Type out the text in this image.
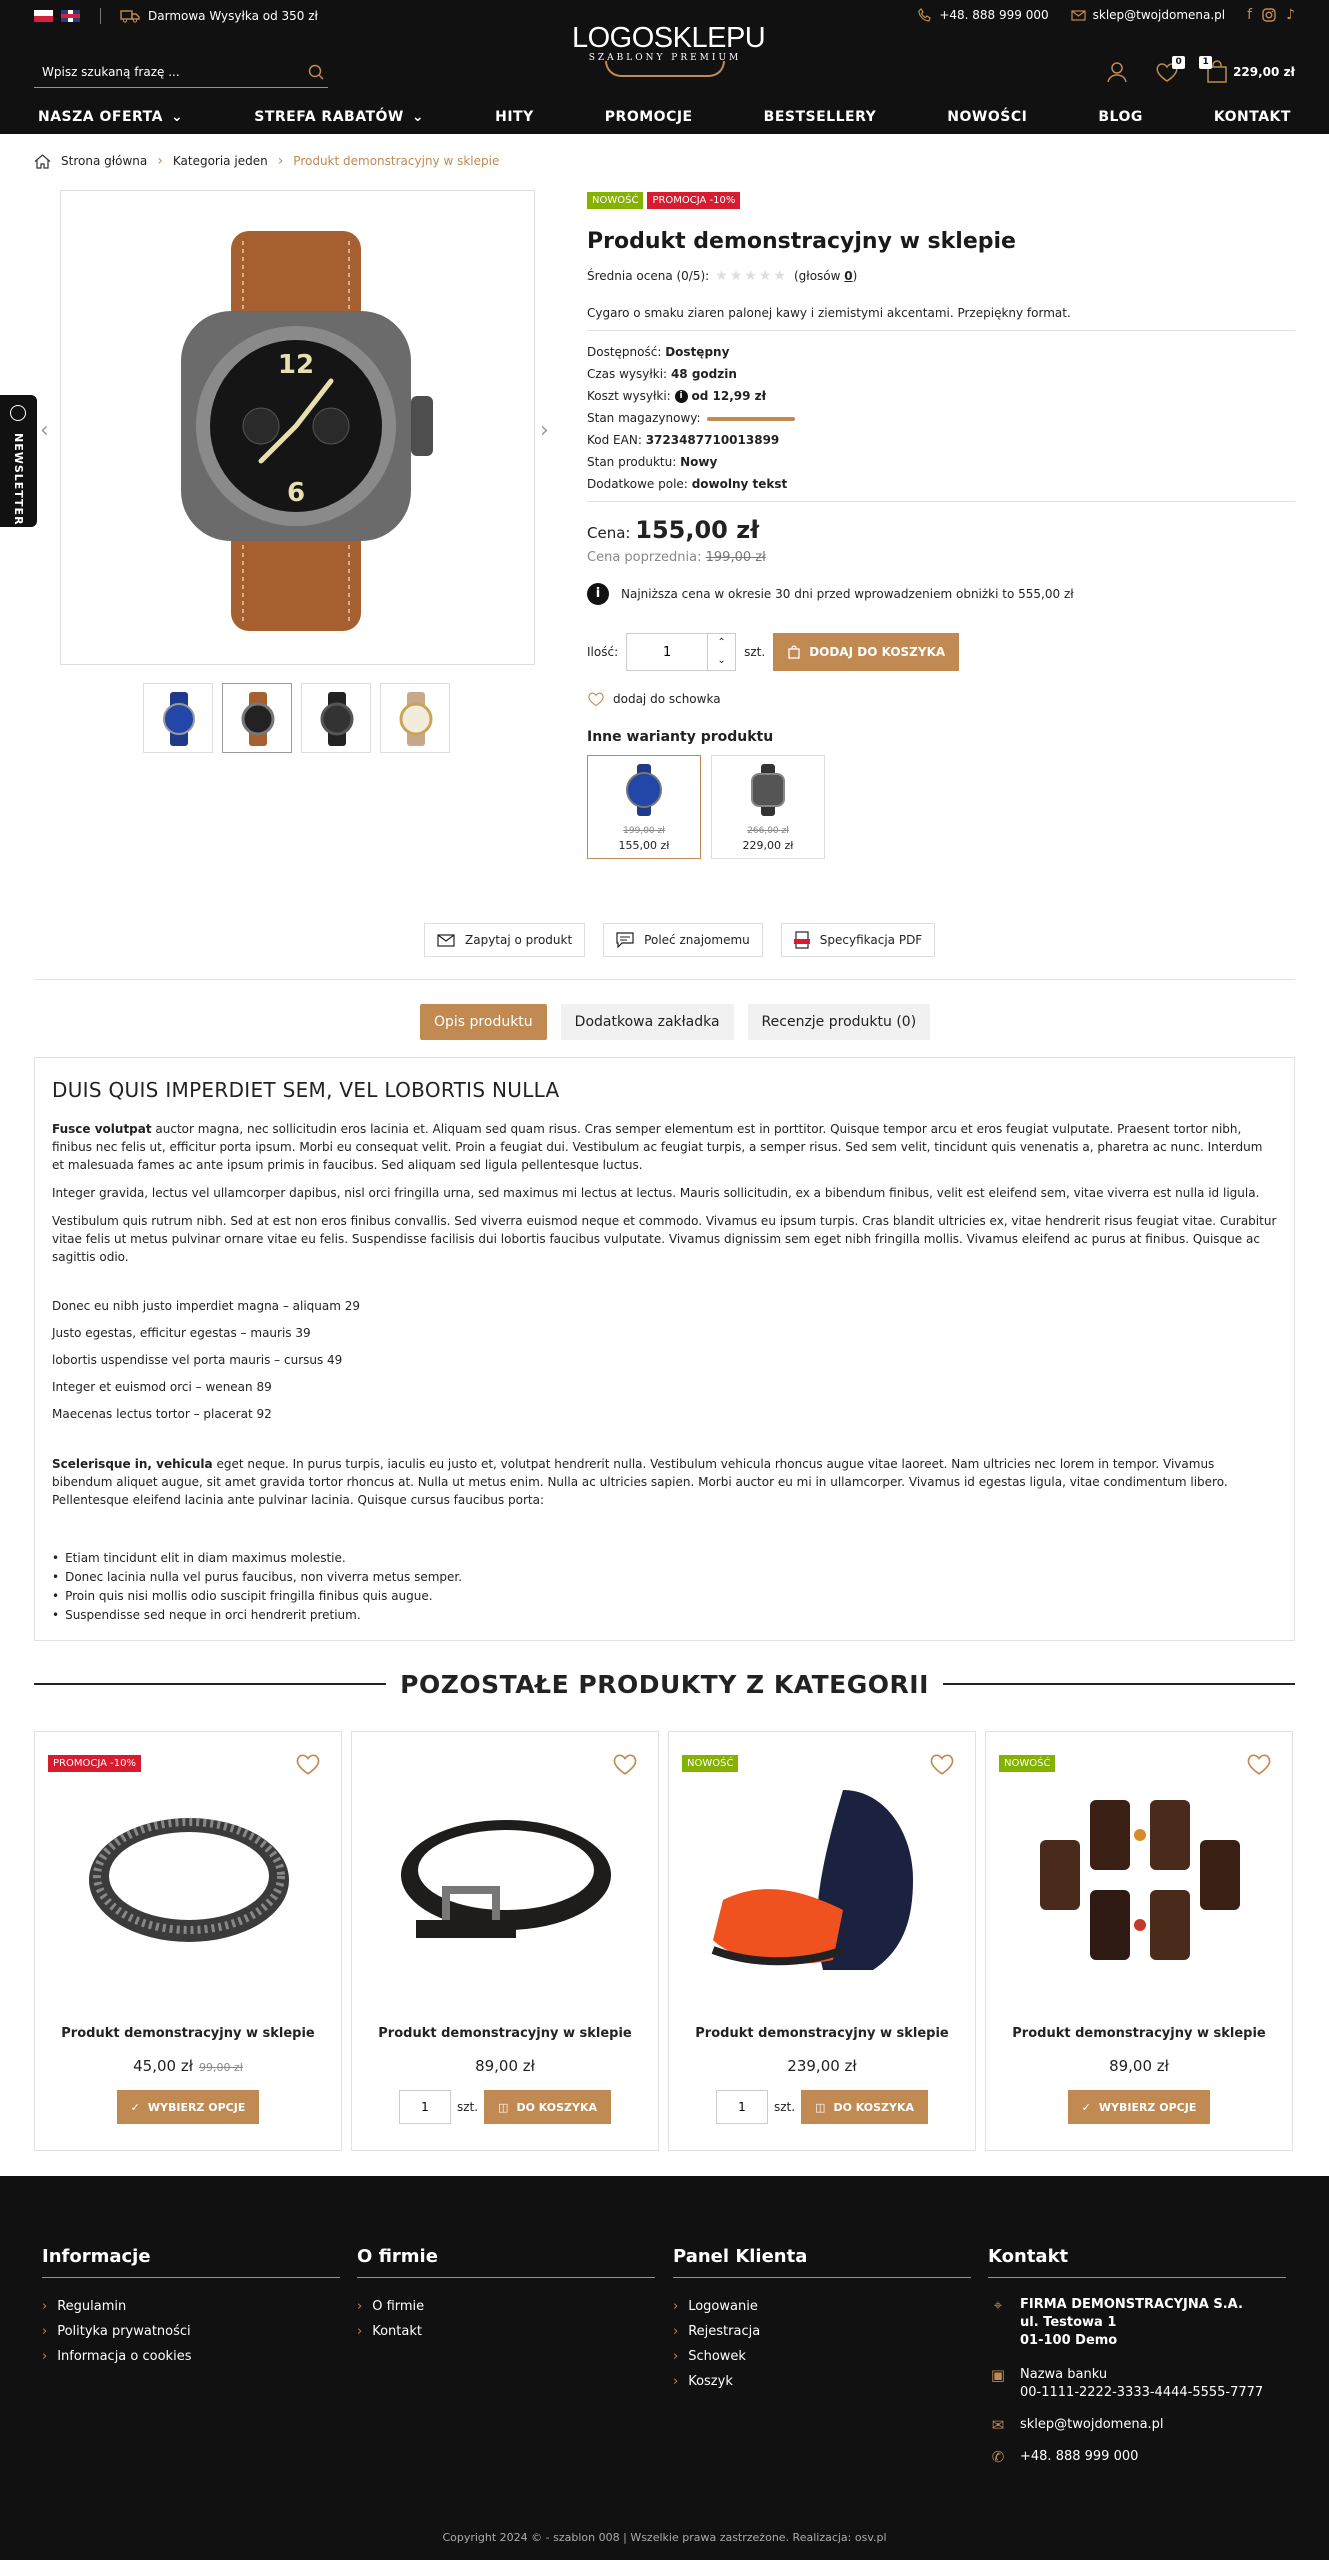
Darmowa Wysyłka od 350 zł	+48. 888 999 000	sklep@twojdomena.pl f ♪
LOGOSKLEPU
SZABLONY PREMIUM
Wpisz szukaną frazę ...	0	1
229,00 zł
NASZA OFERTA ⌄	STREFA RABATÓW ⌄	HITY	PROMOCJE	BESTSELLERY	NOWOŚCI	BLOG	KONTAKT
NEWSLETTER
Strona główna › Kategoria jeden › Produkt demonstracyjny w sklepie
‹
12
6
›
NOWOŚĆ	PROMOCJA -10%
Produkt demonstracyjny w sklepie
Średnia ocena (0/5): ★★★★★ (głosów 0)

Cygaro o smaku ziaren palonej kawy i ziemistymi akcentami. Przepiękny format.

Dostępność: Dostępny
Czas wysyłki: 48 godzin
Koszt wysyłki: i od 12,99 zł
Stan magazynowy:
Kod EAN: 3723487710013899
Stan produktu: Nowy
Dodatkowe pole: dowolny tekst
Cena: 155,00 zł
Cena poprzednia: 199,00 zł
i	Najniższa cena w okresie 30 dni przed wprowadzeniem obniżki to 555,00 zł
Ilość:
1
⌃
⌄
szt.	DODAJ DO KOSZYKA
dodaj do schowka
Inne warianty produktu
199,00 zł
155,00 zł
266,00 zł
229,00 zł
Zapytaj o produkt	Poleć znajomemu	Specyfikacja PDF
Opis produktu	Dodatkowa zakładka	Recenzje produktu (0)
DUIS QUIS IMPERDIET SEM, VEL LOBORTIS NULLA

Fusce volutpat auctor magna, nec sollicitudin eros lacinia et. Aliquam sed quam risus. Cras semper elementum est in porttitor. Quisque tempor arcu et eros feugiat vulputate. Praesent tortor nibh, finibus nec felis ut, efficitur porta ipsum. Morbi eu consequat velit. Proin a feugiat dui. Vestibulum ac feugiat turpis, a semper risus. Sed sem velit, tincidunt quis venenatis a, pharetra ac nunc. Interdum et malesuada fames ac ante ipsum primis in faucibus. Sed aliquam sed ligula pellentesque luctus.

Integer gravida, lectus vel ullamcorper dapibus, nisl orci fringilla urna, sed maximus mi lectus at lectus. Mauris sollicitudin, ex a bibendum finibus, velit est eleifend sem, vitae viverra est nulla id ligula.

Vestibulum quis rutrum nibh. Sed at est non eros finibus convallis. Sed viverra euismod neque et commodo. Vivamus eu ipsum turpis. Cras blandit ultricies ex, vitae hendrerit risus feugiat vitae. Curabitur vitae felis ut metus pulvinar ornare vitae eu felis. Suspendisse facilisis dui lobortis faucibus vulputate. Vivamus dignissim sem eget nibh fringilla mollis. Vivamus eleifend ac purus at finibus. Quisque ac sagittis odio.

Donec eu nibh justo imperdiet magna – aliquam 29
Justo egestas, efficitur egestas – mauris 39
lobortis uspendisse vel porta mauris – cursus 49
Integer et euismod orci – wenean 89
Maecenas lectus tortor – placerat 92

Scelerisque in, vehicula eget neque. In purus turpis, iaculis eu justo et, volutpat hendrerit nulla. Vestibulum vehicula rhoncus augue vitae laoreet. Nam ultricies nec lorem in tempor. Vivamus bibendum aliquet augue, sit amet gravida tortor rhoncus at. Nulla ut metus enim. Nulla ac ultricies sapien. Morbi auctor eu mi in ullamcorper. Vivamus id egestas ligula, vitae condimentum libero. Pellentesque eleifend lacinia ante pulvinar lacinia. Quisque cursus faucibus porta:

• Etiam tincidunt elit in diam maximus molestie.
• Donec lacinia nulla vel purus faucibus, non viverra metus semper.
• Proin quis nisi mollis odio suscipit fringilla finibus quis augue.
• Suspendisse sed neque in orci hendrerit pretium.
POZOSTAŁE PRODUKTY Z KATEGORII
PROMOCJA -10%
Produkt demonstracyjny w sklepie
45,00 zł 99,00 zł
✓ WYBIERZ OPCJE
Produkt demonstracyjny w sklepie
89,00 zł
1
szt. ◫ DO KOSZYKA
NOWOŚĆ
Produkt demonstracyjny w sklepie
239,00 zł
1
szt. ◫ DO KOSZYKA
NOWOŚĆ
Produkt demonstracyjny w sklepie
89,00 zł
✓ WYBIERZ OPCJE
Informacje
› Regulamin
› Polityka prywatności
› Informacja o cookies
O firmie
› O firmie
› Kontakt
Panel Klienta
› Logowanie
› Rejestracja
› Schowek
› Koszyk
Kontakt
⌖	FIRMA DEMONSTRACYJNA S.A.
ul. Testowa 1
01-100 Demo
▣ Nazwa banku
00-1111-2222-3333-4444-5555-7777
✉ sklep@twojdomena.pl
✆ +48. 888 999 000
Copyright 2024 © - szablon 008 | Wszelkie prawa zastrzeżone. Realizacja: osv.pl
